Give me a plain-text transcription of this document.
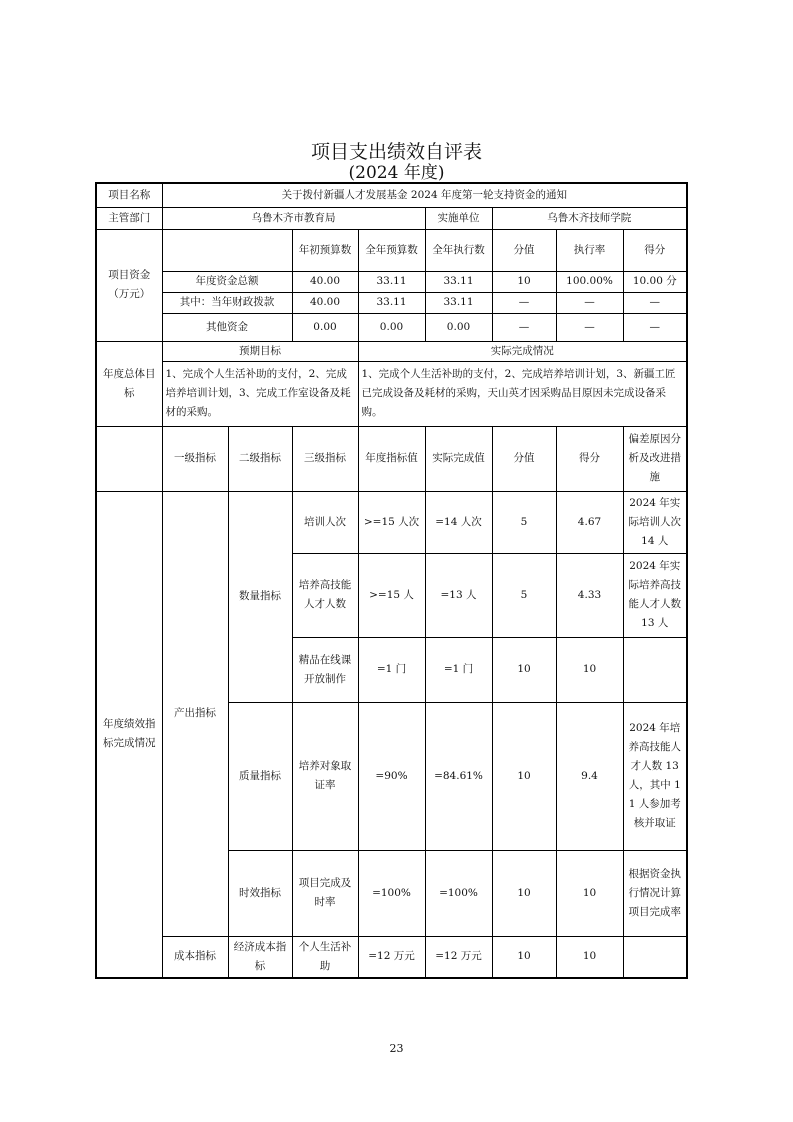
项目支出绩效自评表
(2024 年度)
项目名称	关于拨付新疆人才发展基金 2024 年度第一轮支持资金的通知							
主管部门	乌鲁木齐市教育局				实施单位	乌鲁木齐技师学院		
项目资金（万元）			年初预算数	全年预算数	全年执行数	分值	执行率	得分
	年度资金总额		40.00	33.11	33.11	10	100.00%	10.00 分
	其中：当年财政拨款		40.00	33.11	33.11	—	—	—
	其他资金		0.00	0.00	0.00	—	—	—
年度总体目标	预期目标			实际完成情况				
	1、完成个人生活补助的支付，2、完成培养培训计划，3、完成工作室设备及耗材的采购。			1、完成个人生活补助的支付，2、完成培养培训计划，3、新疆工匠已完成设备及耗材的采购，天山英才因采购品目原因未完成设备采购。				
	一级指标	二级指标	三级指标	年度指标值	实际完成值	分值	得分	偏差原因分析及改进措施
年度绩效指标完成情况	产出指标	数量指标	培训人次	>=15 人次	=14 人次	5	4.67	2024 年实际培训人次 14 人
			培养高技能人才人数	>=15 人	=13 人	5	4.33	2024 年实际培养高技能人才人数 13 人
			精品在线课开放制作	=1 门	=1 门	10	10	
		质量指标	培养对象取证率	=90%	=84.61%	10	9.4	2024 年培养高技能人才人数 13 人，其中 11 人参加考核并取证
		时效指标	项目完成及时率	=100%	=100%	10	10	根据资金执行情况计算项目完成率
	成本指标	经济成本指标	个人生活补助	=12 万元	=12 万元	10	10	
23
